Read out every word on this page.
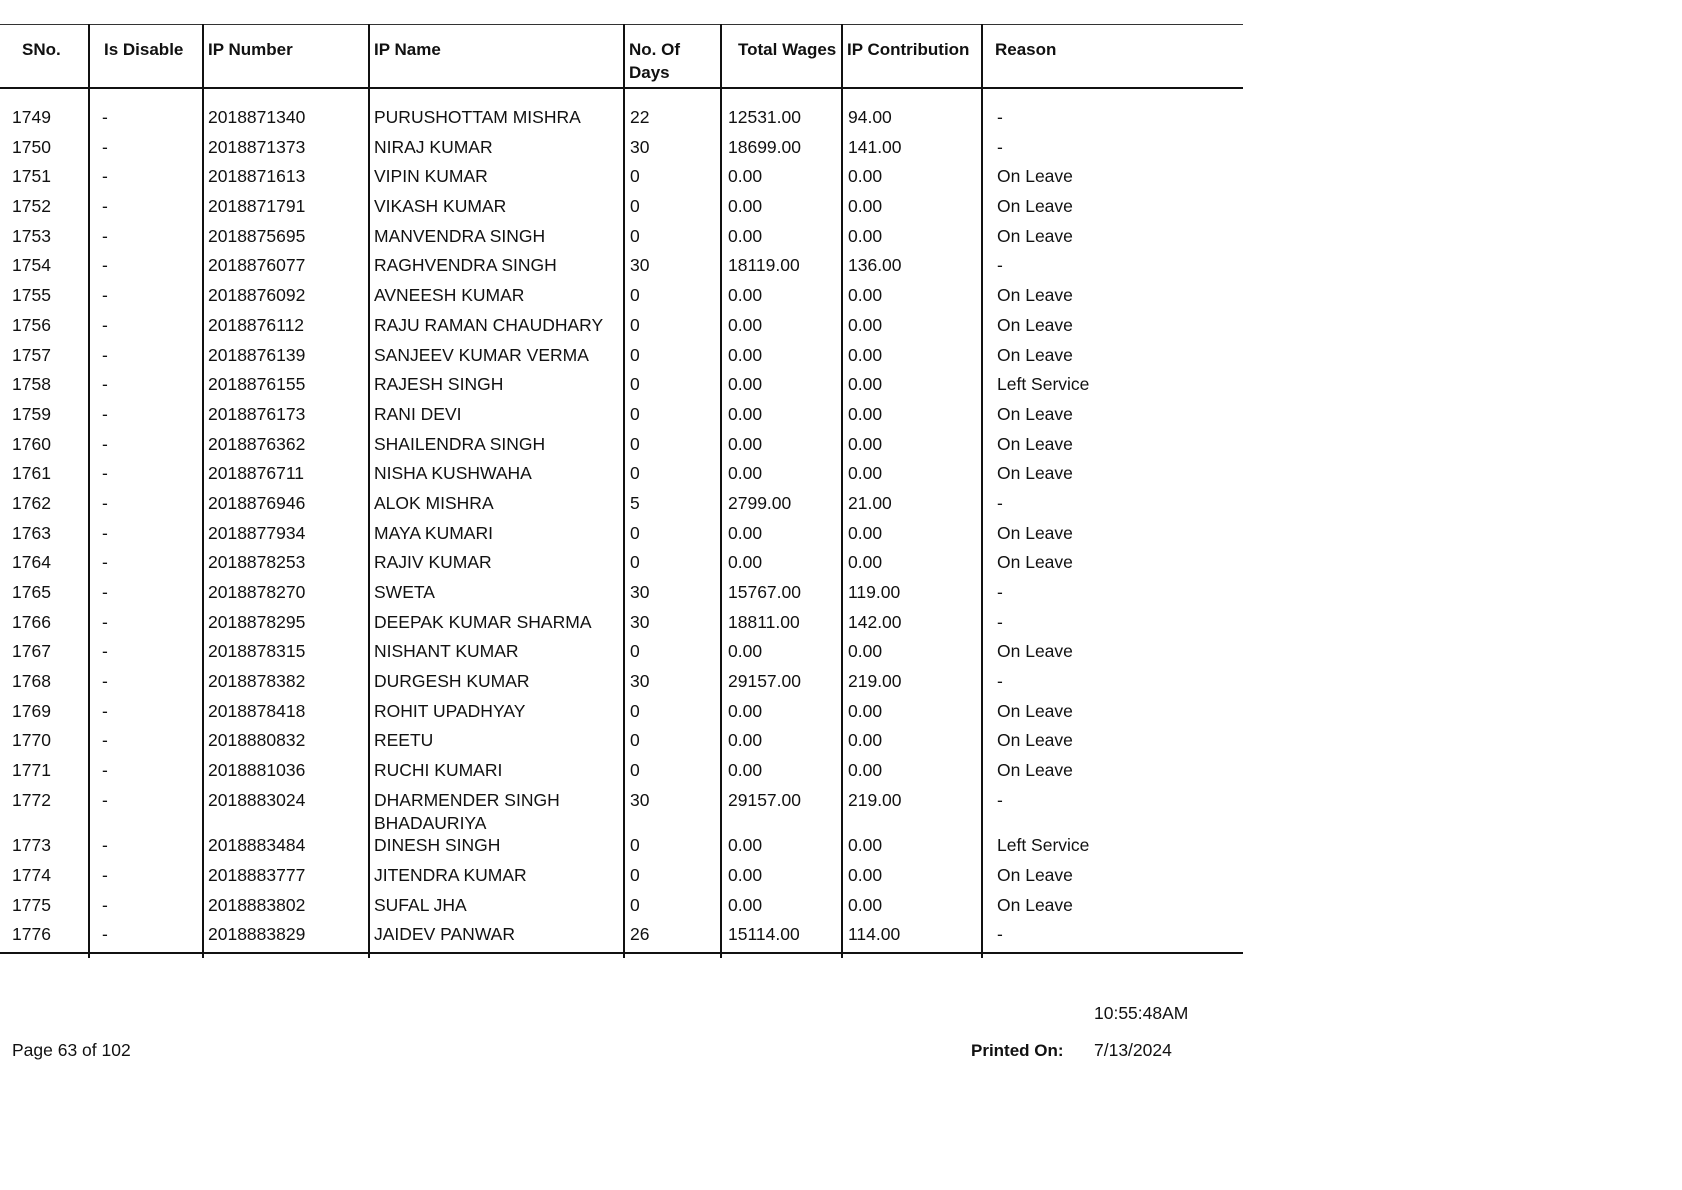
SNo.	Is Disable	IP Number	IP Name	No. Of Days	Total Wages	IP Contribution	Reason

1749	-	2018871340	PURUSHOTTAM MISHRA	22	12531.00	94.00	-
1750	-	2018871373	NIRAJ KUMAR	30	18699.00	141.00	-
1751	-	2018871613	VIPIN KUMAR	0	0.00	0.00	On Leave
1752	-	2018871791	VIKASH KUMAR	0	0.00	0.00	On Leave
1753	-	2018875695	MANVENDRA SINGH	0	0.00	0.00	On Leave
1754	-	2018876077	RAGHVENDRA SINGH	30	18119.00	136.00	-
1755	-	2018876092	AVNEESH KUMAR	0	0.00	0.00	On Leave
1756	-	2018876112	RAJU RAMAN CHAUDHARY	0	0.00	0.00	On Leave
1757	-	2018876139	SANJEEV KUMAR VERMA	0	0.00	0.00	On Leave
1758	-	2018876155	RAJESH SINGH	0	0.00	0.00	Left Service
1759	-	2018876173	RANI DEVI	0	0.00	0.00	On Leave
1760	-	2018876362	SHAILENDRA SINGH	0	0.00	0.00	On Leave
1761	-	2018876711	NISHA KUSHWAHA	0	0.00	0.00	On Leave
1762	-	2018876946	ALOK MISHRA	5	2799.00	21.00	-
1763	-	2018877934	MAYA KUMARI	0	0.00	0.00	On Leave
1764	-	2018878253	RAJIV KUMAR	0	0.00	0.00	On Leave
1765	-	2018878270	SWETA	30	15767.00	119.00	-
1766	-	2018878295	DEEPAK KUMAR SHARMA	30	18811.00	142.00	-
1767	-	2018878315	NISHANT KUMAR	0	0.00	0.00	On Leave
1768	-	2018878382	DURGESH KUMAR	30	29157.00	219.00	-
1769	-	2018878418	ROHIT UPADHYAY	0	0.00	0.00	On Leave
1770	-	2018880832	REETU	0	0.00	0.00	On Leave
1771	-	2018881036	RUCHI KUMARI	0	0.00	0.00	On Leave
1772	-	2018883024	DHARMENDER SINGH BHADAURIYA	30	29157.00	219.00	-
1773	-	2018883484	DINESH SINGH	0	0.00	0.00	Left Service
1774	-	2018883777	JITENDRA KUMAR	0	0.00	0.00	On Leave
1775	-	2018883802	SUFAL JHA	0	0.00	0.00	On Leave
1776	-	2018883829	JAIDEV PANWAR	26	15114.00	114.00	-

10:55:48AM
Page 63 of 102	Printed On: 7/13/2024
